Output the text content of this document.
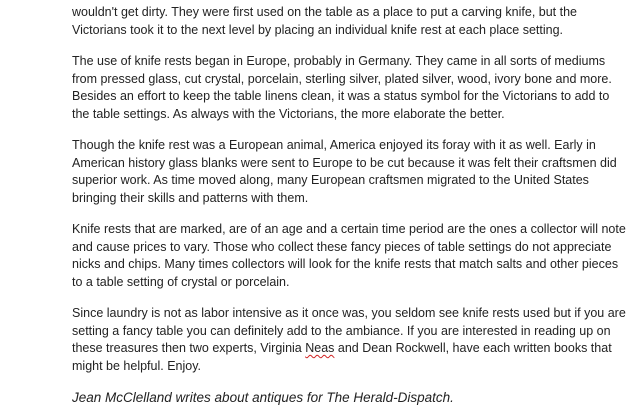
wouldn't get dirty. They were first used on the table as a place to put a carving knife, but the Victorians took it to the next level by placing an individual knife rest at each place setting.

The use of knife rests began in Europe, probably in Germany. They came in all sorts of mediums from pressed glass, cut crystal, porcelain, sterling silver, plated silver, wood, ivory bone and more. Besides an effort to keep the table linens clean, it was a status symbol for the Victorians to add to the table settings. As always with the Victorians, the more elaborate the better.

Though the knife rest was a European animal, America enjoyed its foray with it as well. Early in American history glass blanks were sent to Europe to be cut because it was felt their craftsmen did superior work. As time moved along, many European craftsmen migrated to the United States bringing their skills and patterns with them.

Knife rests that are marked, are of an age and a certain time period are the ones a collector will note and cause prices to vary. Those who collect these fancy pieces of table settings do not appreciate nicks and chips. Many times collectors will look for the knife rests that match salts and other pieces to a table setting of crystal or porcelain.

Since laundry is not as labor intensive as it once was, you seldom see knife rests used but if you are setting a fancy table you can definitely add to the ambiance. If you are interested in reading up on these treasures then two experts, Virginia Neas and Dean Rockwell, have each written books that might be helpful. Enjoy.

Jean McClelland writes about antiques for The Herald-Dispatch.
